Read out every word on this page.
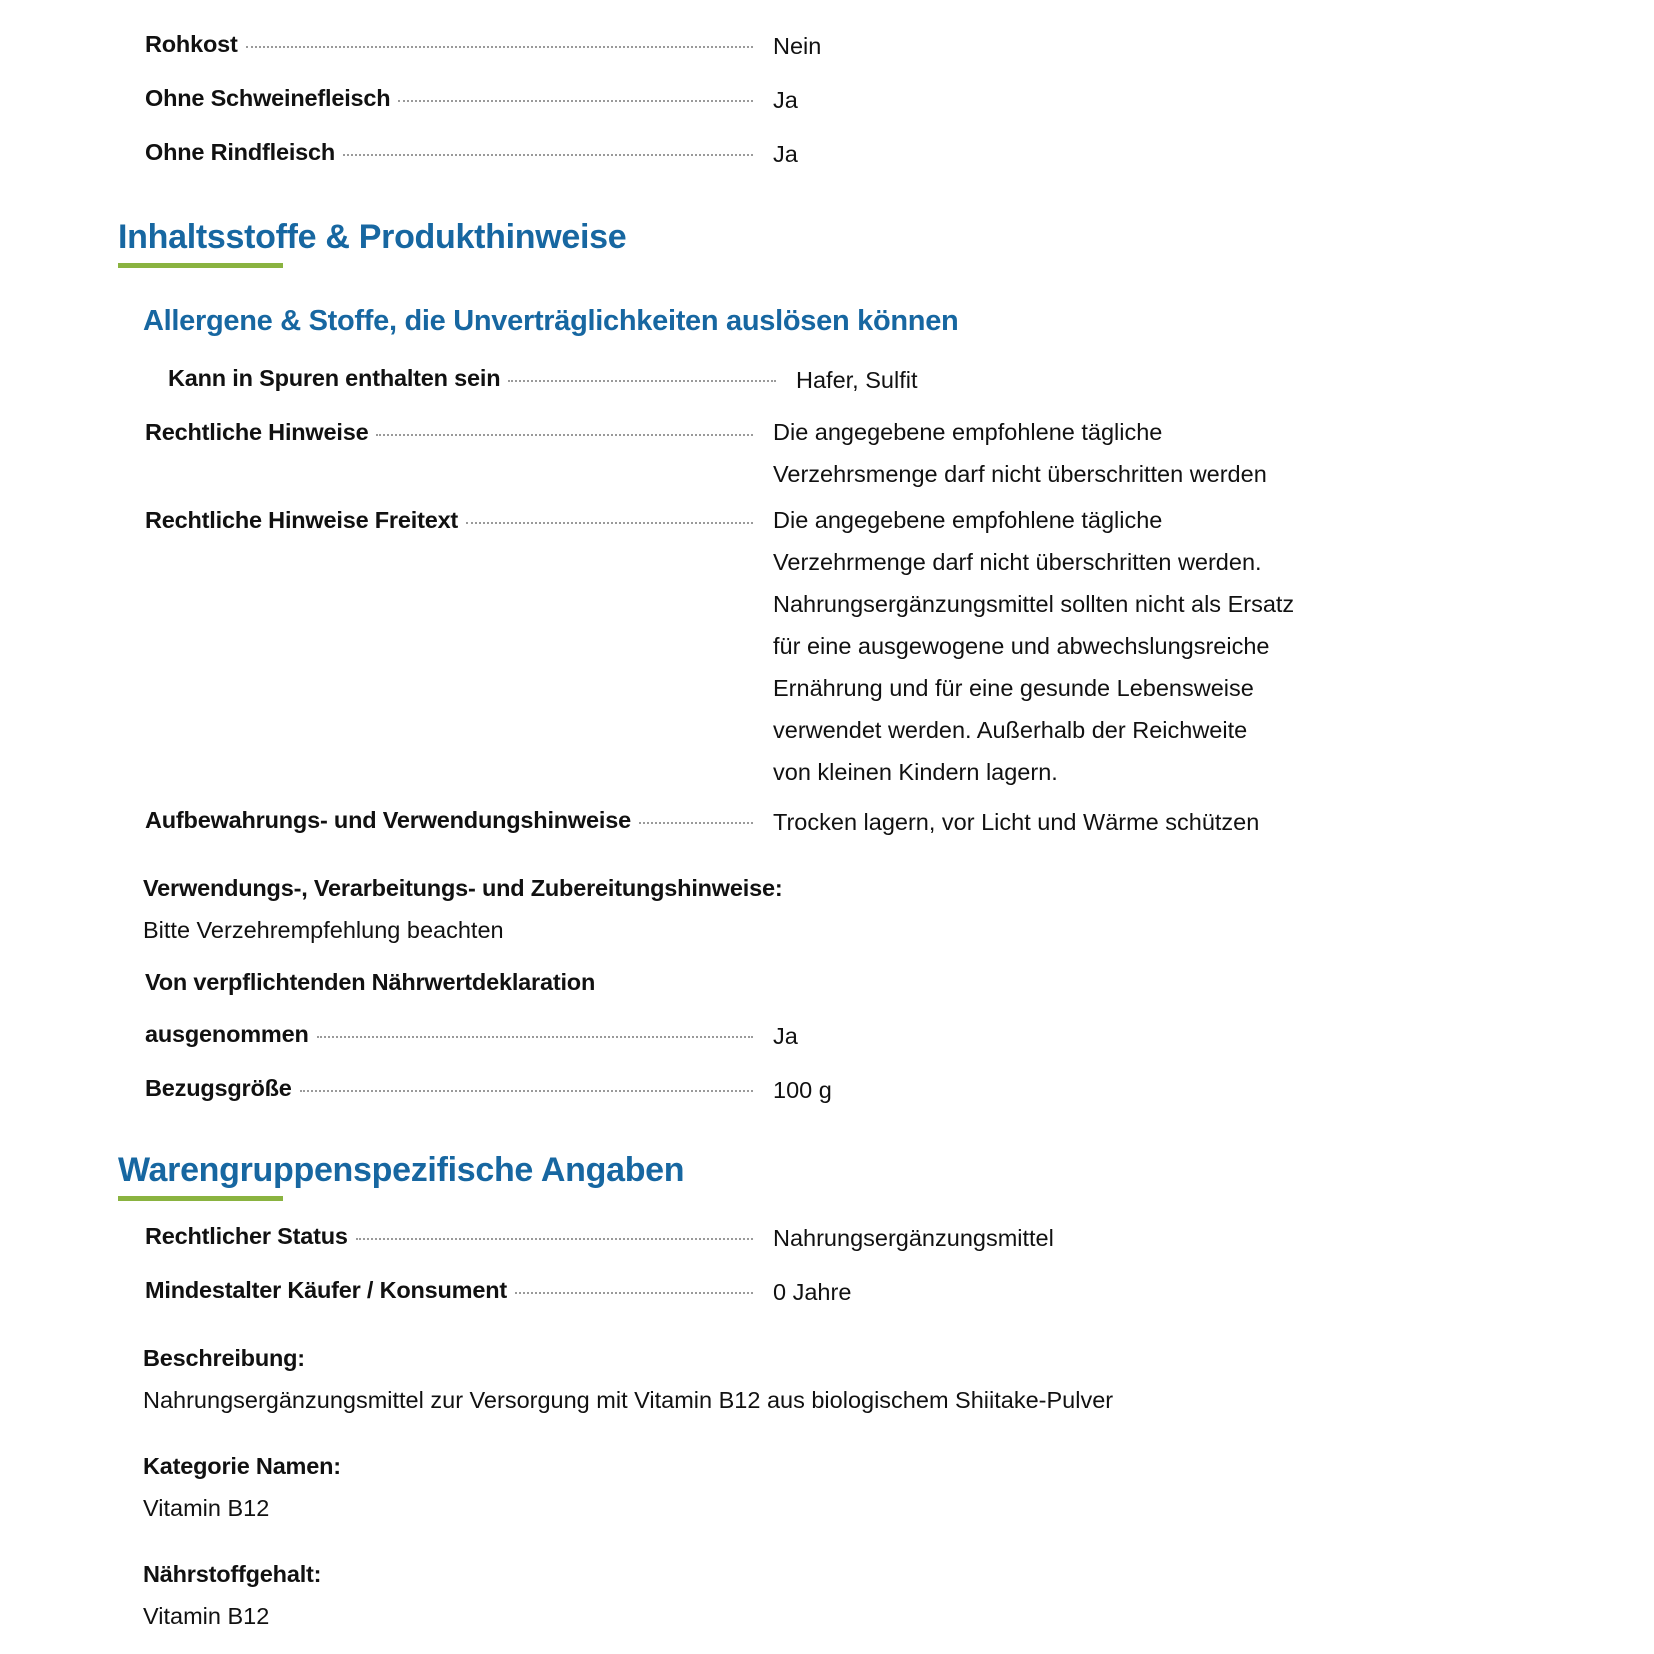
Rohkost	Nein
Ohne Schweinefleisch	Ja
Ohne Rindfleisch	Ja
Inhaltsstoffe & Produkthinweise
Allergene & Stoffe, die Unverträglichkeiten auslösen können
Kann in Spuren enthalten sein	Hafer, Sulfit
Rechtliche Hinweise	Die angegebene empfohlene tägliche
Verzehrsmenge darf nicht überschritten werden
Rechtliche Hinweise Freitext	Die angegebene empfohlene tägliche
Verzehrmenge darf nicht überschritten werden.
Nahrungsergänzungsmittel sollten nicht als Ersatz
für eine ausgewogene und abwechslungsreiche
Ernährung und für eine gesunde Lebensweise
verwendet werden. Außerhalb der Reichweite
von kleinen Kindern lagern.
Aufbewahrungs- und Verwendungshinweise	Trocken lagern, vor Licht und Wärme schützen
Verwendungs-, Verarbeitungs- und Zubereitungshinweise:
Bitte Verzehrempfehlung beachten
Von verpflichtenden Nährwertdeklaration
ausgenommen	Ja
Bezugsgröße	100 g
Warengruppenspezifische Angaben
Rechtlicher Status	Nahrungsergänzungsmittel
Mindestalter Käufer / Konsument	0 Jahre
Beschreibung:
Nahrungsergänzungsmittel zur Versorgung mit Vitamin B12 aus biologischem Shiitake-Pulver
Kategorie Namen:
Vitamin B12
Nährstoffgehalt:
Vitamin B12
